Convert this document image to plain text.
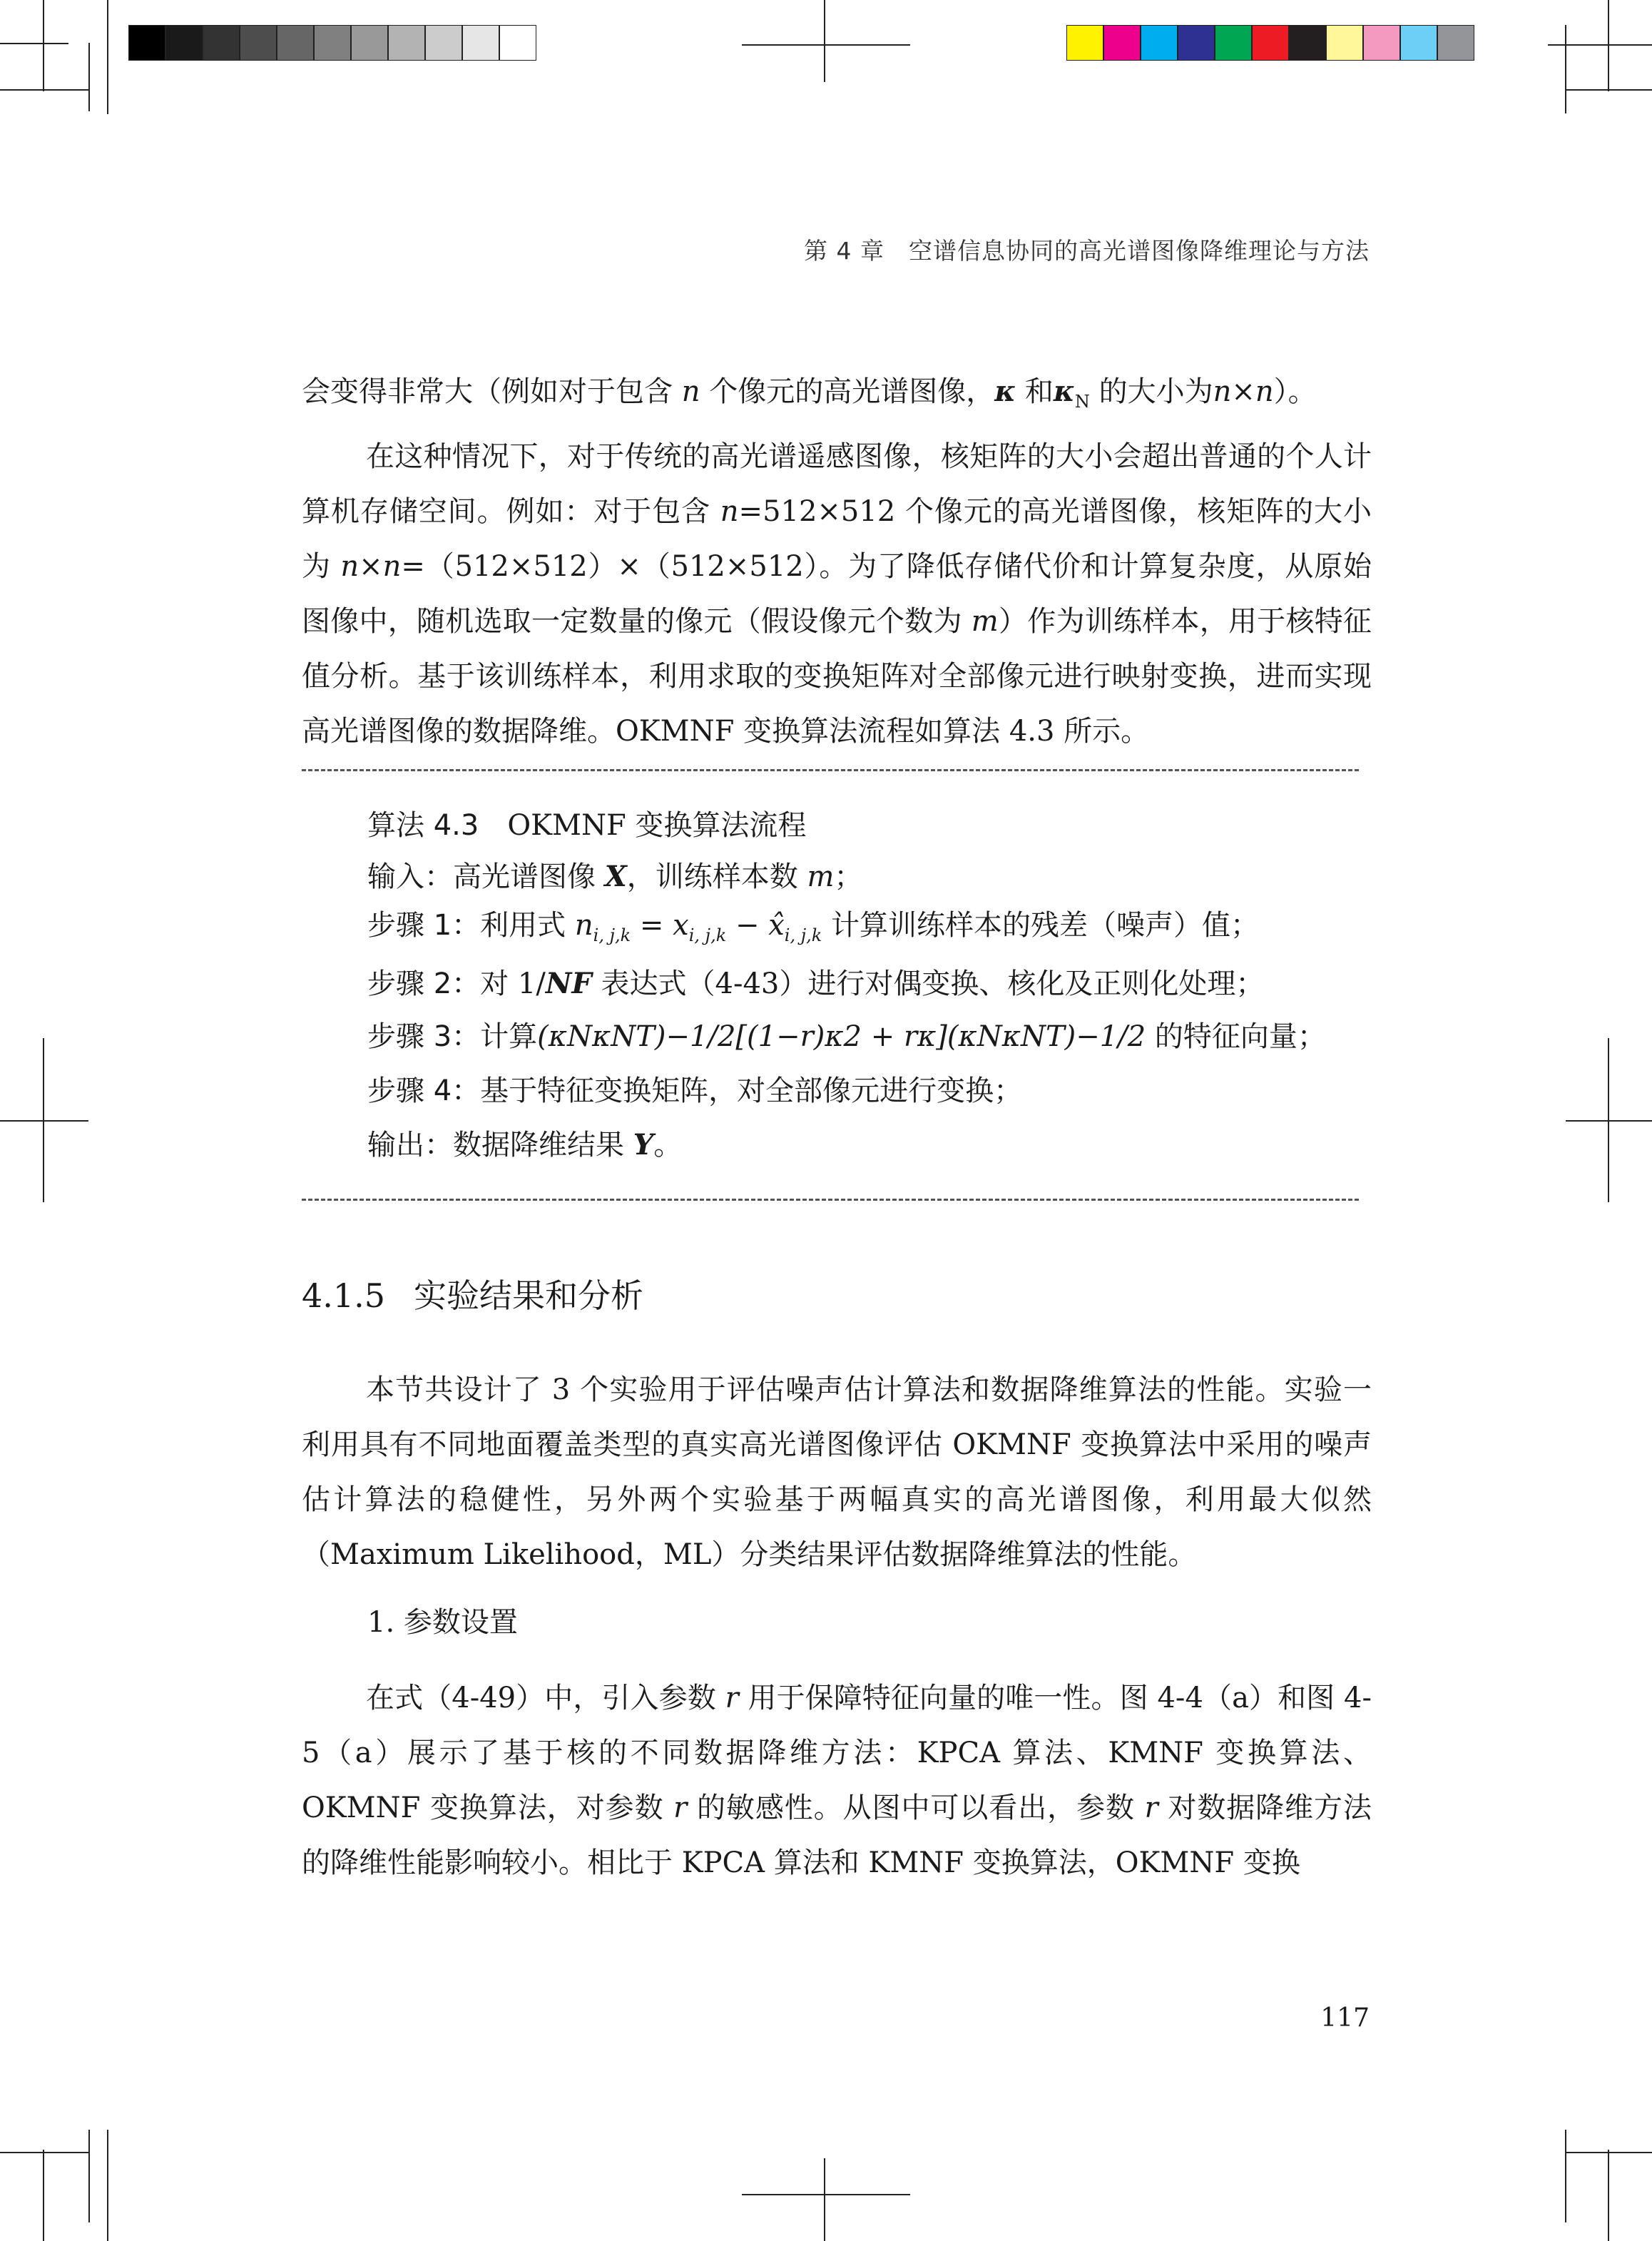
第 4 章　空谱信息协同的高光谱图像降维理论与方法

会变得非常大（例如对于包含 n 个像元的高光谱图像，κ 和$\kappa_N$ 的大小为n×n）。

在这种情况下，对于传统的高光谱遥感图像，核矩阵的大小会超出普通的个人计算机存储空间。例如：对于包含 n=512×512 个像元的高光谱图像，核矩阵的大小为 n×n=（512×512）×（512×512）。为了降低存储代价和计算复杂度，从原始图像中，随机选取一定数量的像元（假设像元个数为 m）作为训练样本，用于核特征值分析。基于该训练样本，利用求取的变换矩阵对全部像元进行映射变换，进而实现高光谱图像的数据降维。OKMNF 变换算法流程如算法 4.3 所示。

算法 4.3 OKMNF 变换算法流程
输入：高光谱图像 X，训练样本数 m；
步骤 1：利用式 $n_{i, j,k} = x_{i, j,k}$ − $x̂_{i, j,k}$ 计算训练样本的残差（噪声）值；
步骤 2：对 1/NF 表达式（4-43）进行对偶变换、核化及正则化处理；
步骤 3：计算(κNκNT)−1/2[(1−r)κ2 + rκ](κNκNT)−1/2 的特征向量；
步骤 4：基于特征变换矩阵，对全部像元进行变换；
输出：数据降维结果 Y。
4.1.5 实验结果和分析

本节共设计了 3 个实验用于评估噪声估计算法和数据降维算法的性能。实验一利用具有不同地面覆盖类型的真实高光谱图像评估 OKMNF 变换算法中采用的噪声估计算法的稳健性，另外两个实验基于两幅真实的高光谱图像，利用最大似然（Maximum Likelihood，ML）分类结果评估数据降维算法的性能。

1. 参数设置

在式（4-49）中，引入参数 r 用于保障特征向量的唯一性。图 4-4（a）和图 4-5（a）展示了基于核的不同数据降维方法：KPCA 算法、KMNF 变换算法、OKMNF 变换算法，对参数 r 的敏感性。从图中可以看出，参数 r 对数据降维方法的降维性能影响较小。相比于 KPCA 算法和 KMNF 变换算法，OKMNF 变换

117
